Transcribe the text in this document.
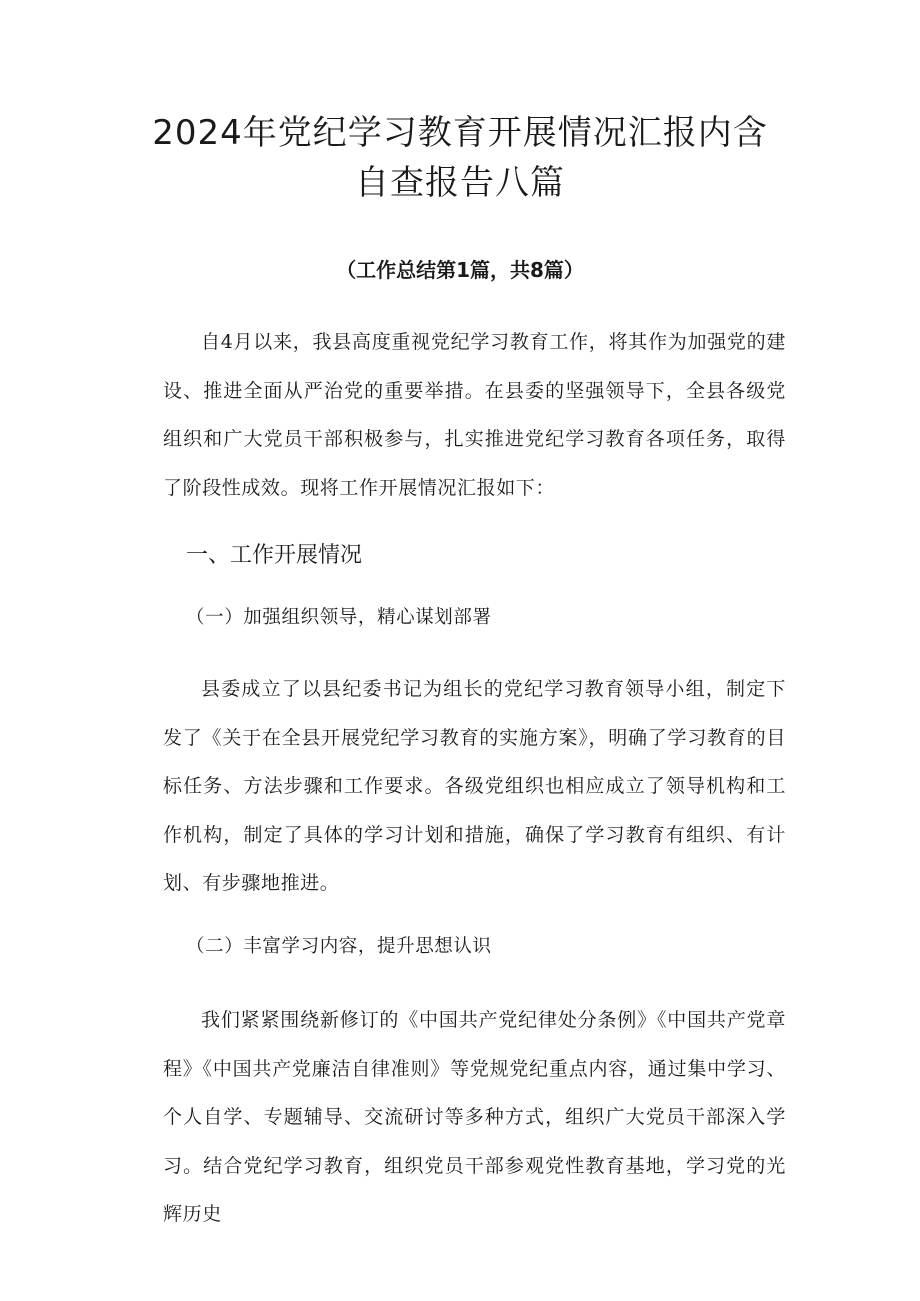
2024年党纪学习教育开展情况汇报内含自查报告八篇

（工作总结第1篇，共8篇）

自4月以来，我县高度重视党纪学习教育工作，将其作为加强党的建设、推进全面从严治党的重要举措。在县委的坚强领导下，全县各级党组织和广大党员干部积极参与，扎实推进党纪学习教育各项任务，取得了阶段性成效。现将工作开展情况汇报如下：

一、工作开展情况

（一）加强组织领导，精心谋划部署

县委成立了以县纪委书记为组长的党纪学习教育领导小组，制定下发了《关于在全县开展党纪学习教育的实施方案》，明确了学习教育的目标任务、方法步骤和工作要求。各级党组织也相应成立了领导机构和工作机构，制定了具体的学习计划和措施，确保了学习教育有组织、有计划、有步骤地推进。

（二）丰富学习内容，提升思想认识

我们紧紧围绕新修订的《中国共产党纪律处分条例》《中国共产党章程》《中国共产党廉洁自律准则》等党规党纪重点内容，通过集中学习、个人自学、专题辅导、交流研讨等多种方式，组织广大党员干部深入学习。结合党纪学习教育，组织党员干部参观党性教育基地，学习党的光辉历史
